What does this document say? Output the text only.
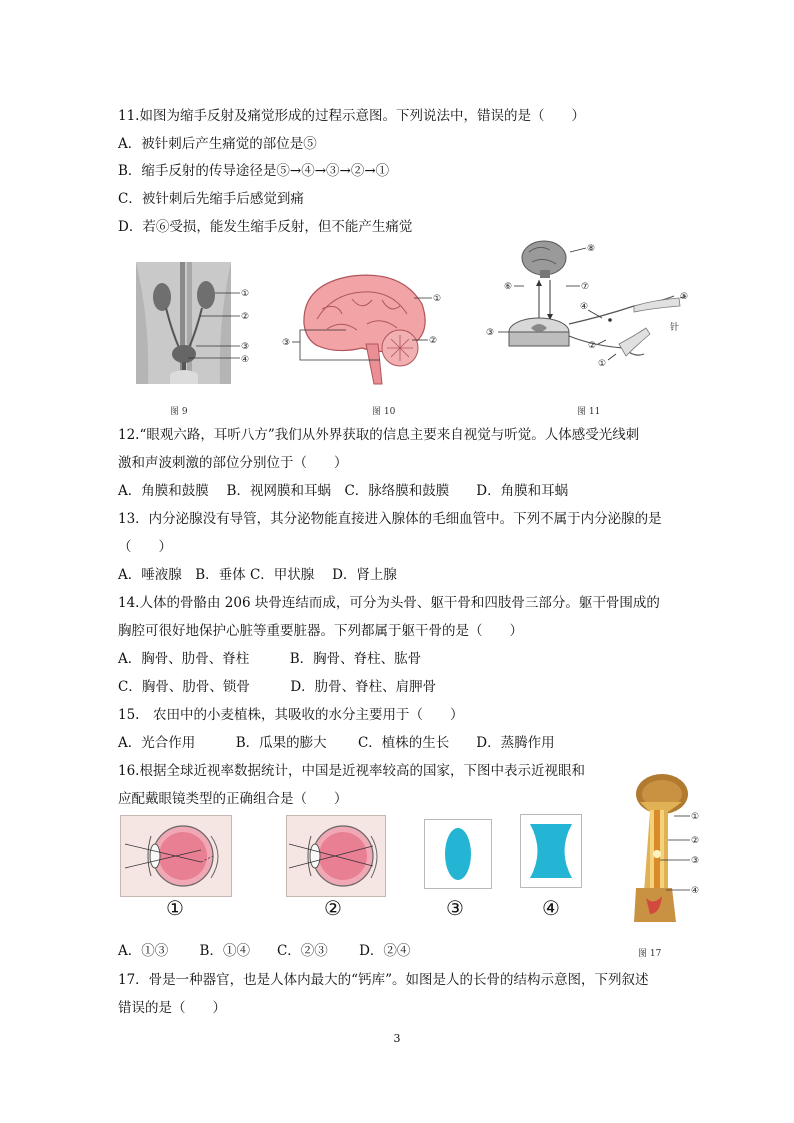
11.如图为缩手反射及痛觉形成的过程示意图。下列说法中，错误的是（　　）
A．被针刺后产生痛觉的部位是⑤
B．缩手反射的传导途径是⑤→④→③→②→①
C．被针刺后先缩手后感觉到痛
D．若⑥受损，能发生缩手反射，但不能产生痛觉
①
②
③
④
图 9
①
②
③
图 10
⑧
⑥	⑦
④
⑤
针
③
②
①
图 11
12.“眼观六路，耳听八方”我们从外界获取的信息主要来自视觉与听觉。人体感受光线刺
激和声波刺激的部位分别位于（　　）
A．角膜和鼓膜　 B．视网膜和耳蜗　C．脉络膜和鼓膜　　D．角膜和耳蜗
13．内分泌腺没有导管，其分泌物能直接进入腺体的毛细血管中。下列不属于内分泌腺的是
（　　）
A．唾液腺　B．垂体 C．甲状腺　 D．肾上腺
14.人体的骨骼由 206 块骨连结而成，可分为头骨、躯干骨和四肢骨三部分。躯干骨围成的
胸腔可很好地保护心脏等重要脏器。下列都属于躯干骨的是（　　）
A．胸骨、肋骨、脊柱　　　B．胸骨、脊柱、肱骨
C．胸骨、肋骨、锁骨　　　D．肋骨、脊柱、肩胛骨
15.　农田中的小麦植株，其吸收的水分主要用于（　　）
A．光合作用　　　B．瓜果的膨大　　 C．植株的生长　　D．蒸腾作用
16.根据全球近视率数据统计，中国是近视率较高的国家，下图中表示近视眼和
应配戴眼镜类型的正确组合是（　　）
①	②	③	④
A．①③　　 B．①④　　C．②③　　 D．②④
①
②
③
④
图 17
17．骨是一种器官，也是人体内最大的“钙库”。如图是人的长骨的结构示意图，下列叙述
错误的是（　　）
3
